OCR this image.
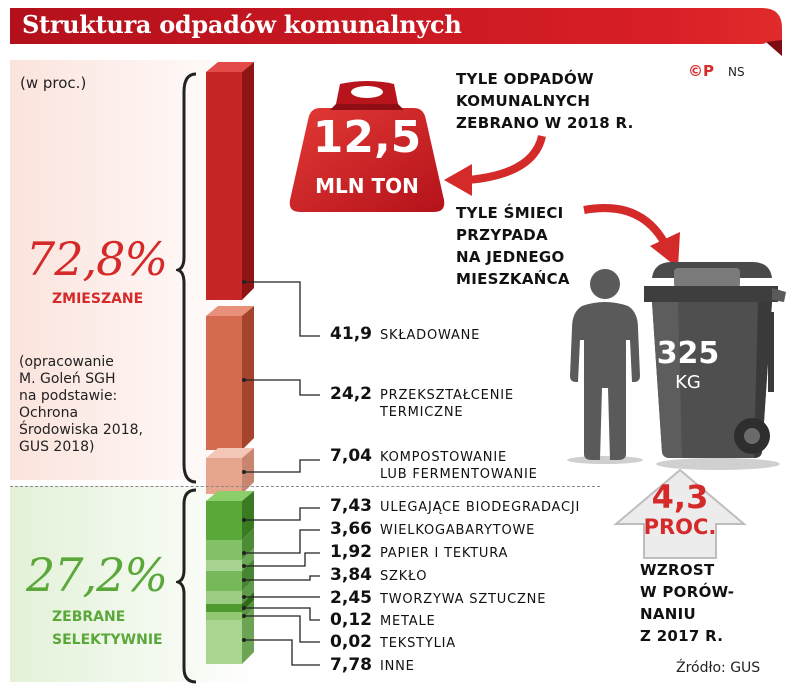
Struktura odpadów komunalnych
(w proc.)
72,8%
ZMIESZANE
(opracowanie
M. Goleń SGH
na podstawie:
Ochrona
Środowiska 2018,
GUS 2018)
27,2%
ZEBRANE
SELEKTYWNIE
41,9 SKŁADOWANE
24,2 PRZEKSZTAŁCENIE
TERMICZNE
7,04 KOMPOSTOWANIE
LUB FERMENTOWANIE
7,43 ULEGAJĄCE BIODEGRADACJI
3,66 WIELKOGABARYTOWE
1,92 PAPIER I TEKTURA
3,84 SZKŁO
2,45 TWORZYWA SZTUCZNE
0,12 METALE
0,02 TEKSTYLIA
7,78 INNE
12,5
MLN TON
TYLE ODPADÓW
KOMUNALNYCH
ZEBRANO W 2018 R.
©P NS
TYLE ŚMIECI
PRZYPADA
NA JEDNEGO
MIESZKAŃCA
325
KG
4,3
PROC.
WZROST
W PORÓW-
NANIU
Z 2017 R.
Źródło: GUS
